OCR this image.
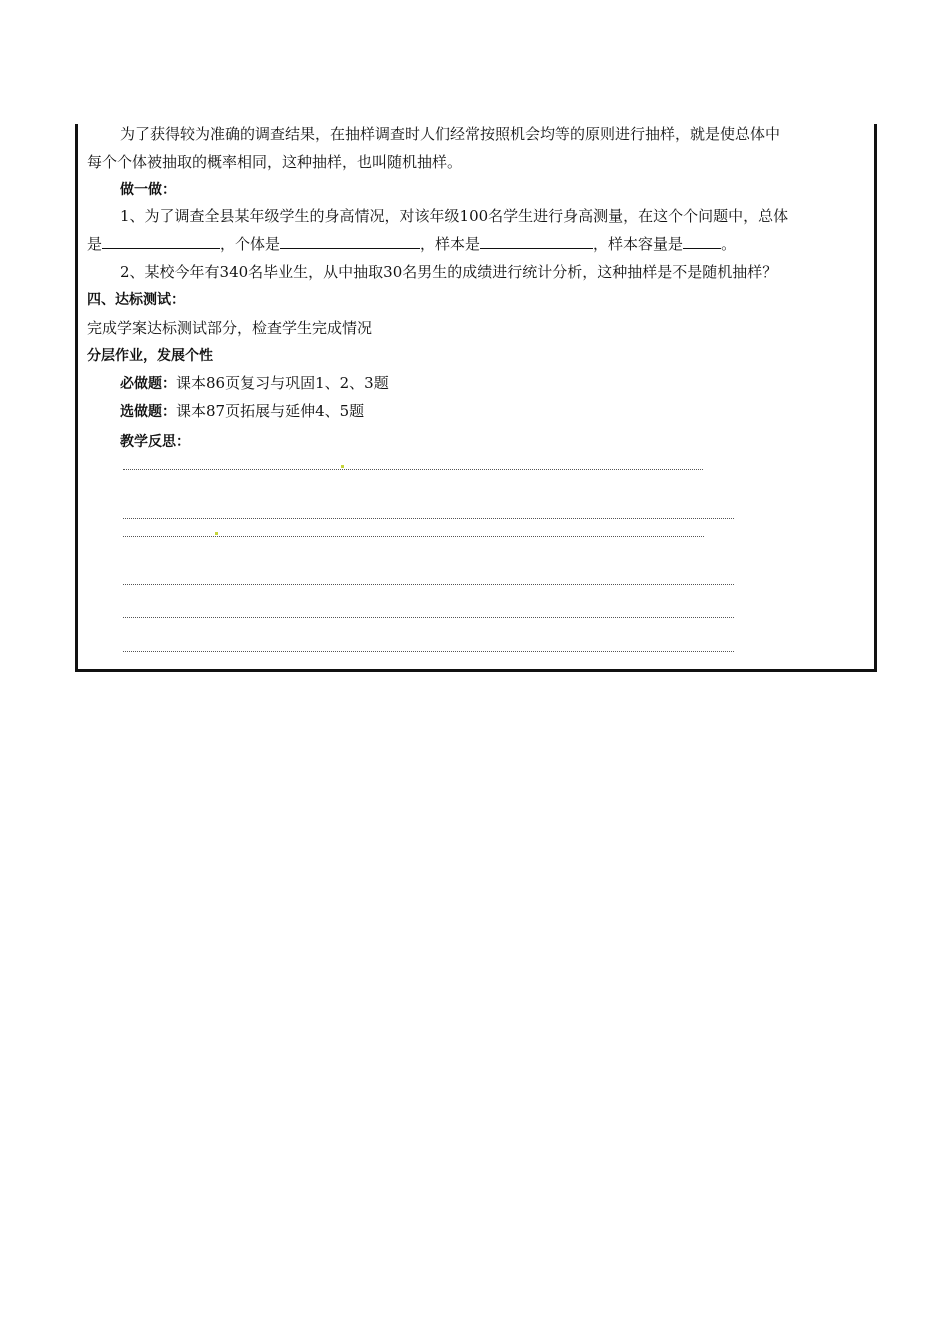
为了获得较为准确的调查结果，在抽样调查时人们经常按照机会均等的原则进行抽样，就是使总体中
每个个体被抽取的概率相同，这种抽样，也叫随机抽样。
做一做：
1、为了调查全县某年级学生的身高情况，对该年级100名学生进行身高测量，在这个个问题中，总体
是	，个体是	，样本是	，样本容量是	。
2、某校今年有340名毕业生，从中抽取30名男生的成绩进行统计分析，这种抽样是不是随机抽样？
四、达标测试：
完成学案达标测试部分，检查学生完成情况
分层作业，发展个性
必做题：课本86页复习与巩固1、2、3题
选做题：课本87页拓展与延伸4、5题
教学反思：
